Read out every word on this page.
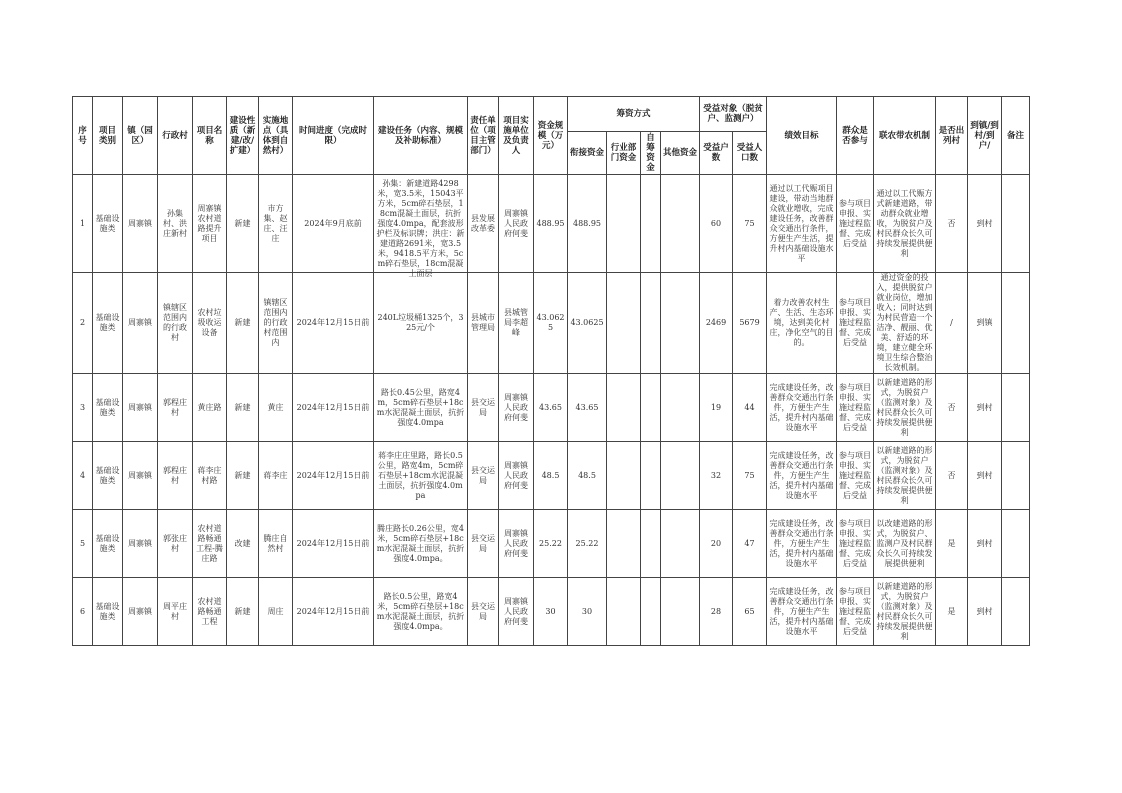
序号	项目类别	镇（园区）	行政村	项目名称	建设性质（新建/改/扩建）	实施地点（具体到自然村）	时间进度（完成时限）	建设任务（内容、规模及补助标准）	责任单位（项目主管部门）	项目实施单位及负责人	资金规模（万元）	筹资方式				受益对象（脱贫户、监测户）		绩效目标	群众是否参与	联农带农机制	是否出列村	到镇/到村/到户/	备注
												衔接资金	行业部门资金	自筹资金	其他资金	受益户数	受益人口数						
1	基础设施类	周寨镇	孙集村、洪庄新村	周寨镇农村道路提升项目	新建	市方集、赵庄、汪庄	2024年9月底前	孙集：新建道路4298米，宽3.5米，15043平方米，5cm碎石垫层，18cm混凝土面层，抗折强度4.0mpa，配套波形护栏及标识牌；洪庄：新建道路2691米，宽3.5米，9418.5平方米，5cm碎石垫层，18cm混凝土面层	县发展改革委	周寨镇人民政府何斐	488.95	488.95				60	75	通过以工代赈项目建设，带动当地群众就业增收，完成建设任务，改善群众交通出行条件，方便生产生活，提升村内基础设施水平	参与项目申报、实施过程监督、完成后受益	通过以工代赈方式新建道路，带动群众就业增收，为脱贫户及村民群众长久可持续发展提供便利	否	到村	
2	基础设施类	周寨镇	镇辖区范围内的行政村	农村垃圾收运设备	新建	镇辖区范围内的行政村范围内	2024年12月15日前	240L垃圾桶1325个，325元/个	县城市管理局	县城管局李超峰	43.0625	43.0625				2469	5679	着力改善农村生产、生活、生态环境，达到美化村庄，净化空气的目的。	参与项目申报、实施过程监督、完成后受益	通过资金的投入，提供脱贫户就业岗位，增加收入；同时达到为村民营造一个洁净、靓丽、优美、舒适的环境，建立健全环境卫生综合整治长效机制。	/	到镇	
3	基础设施类	周寨镇	郭程庄村	黄庄路	新建	黄庄	2024年12月15日前	路长0.45公里，路宽4m，5cm碎石垫层+18cm水泥混凝土面层，抗折强度4.0mpa	县交运局	周寨镇人民政府何斐	43.65	43.65				19	44	完成建设任务，改善群众交通出行条件，方便生产生活，提升村内基础设施水平	参与项目申报、实施过程监督、完成后受益	以新建道路的形式，为脱贫户（监测对象）及村民群众长久可持续发展提供便利	否	到村	
4	基础设施类	周寨镇	郭程庄村	蒋李庄村路	新建	蒋李庄	2024年12月15日前	蒋李庄庄里路，路长0.5公里，路宽4m，5cm碎石垫层+18cm水泥混凝土面层，抗折强度4.0mpa	县交运局	周寨镇人民政府何斐	48.5	48.5				32	75	完成建设任务，改善群众交通出行条件，方便生产生活，提升村内基础设施水平	参与项目申报、实施过程监督、完成后受益	以新建道路的形式，为脱贫户（监测对象）及村民群众长久可持续发展提供便利	否	到村	
5	基础设施类	周寨镇	郭张庄村	农村道路畅通工程-腾庄路	改建	腾庄自然村	2024年12月15日前	腾庄路长0.26公里，宽4米，5cm碎石垫层+18cm水泥混凝土面层，抗折强度4.0mpa。	县交运局	周寨镇人民政府何斐	25.22	25.22				20	47	完成建设任务，改善群众交通出行条件，方便生产生活，提升村内基础设施水平	参与项目申报、实施过程监督、完成后受益	以改建道路的形式，为脱贫户、监测户及村民群众长久可持续发展提供便利	是	到村	
6	基础设施类	周寨镇	周平庄村	农村道路畅通工程	新建	周庄	2024年12月15日前	路长0.5公里，路宽4米，5cm碎石垫层+18cm水泥混凝土面层，抗折强度4.0mpa。	县交运局	周寨镇人民政府何斐	30	30				28	65	完成建设任务，改善群众交通出行条件，方便生产生活，提升村内基础设施水平	参与项目申报、实施过程监督、完成后受益	以新建道路的形式，为脱贫户（监测对象）及村民群众长久可持续发展提供便利	是	到村	
